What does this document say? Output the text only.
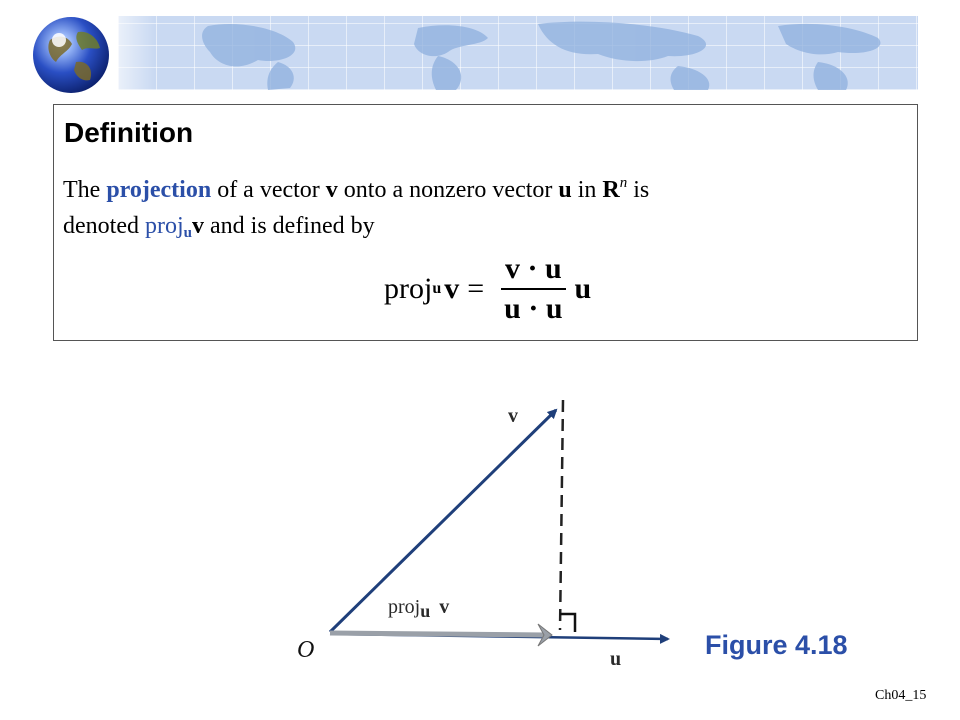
Definition
The projection of a vector v onto a nonzero vector u in $R^n$ is
denoted proj$_u$v and is defined by
proj u $v = \frac{v \cdot u}{u \cdot u}$ u
v
O
proju v
u	Figure 4.18
Ch04_15
